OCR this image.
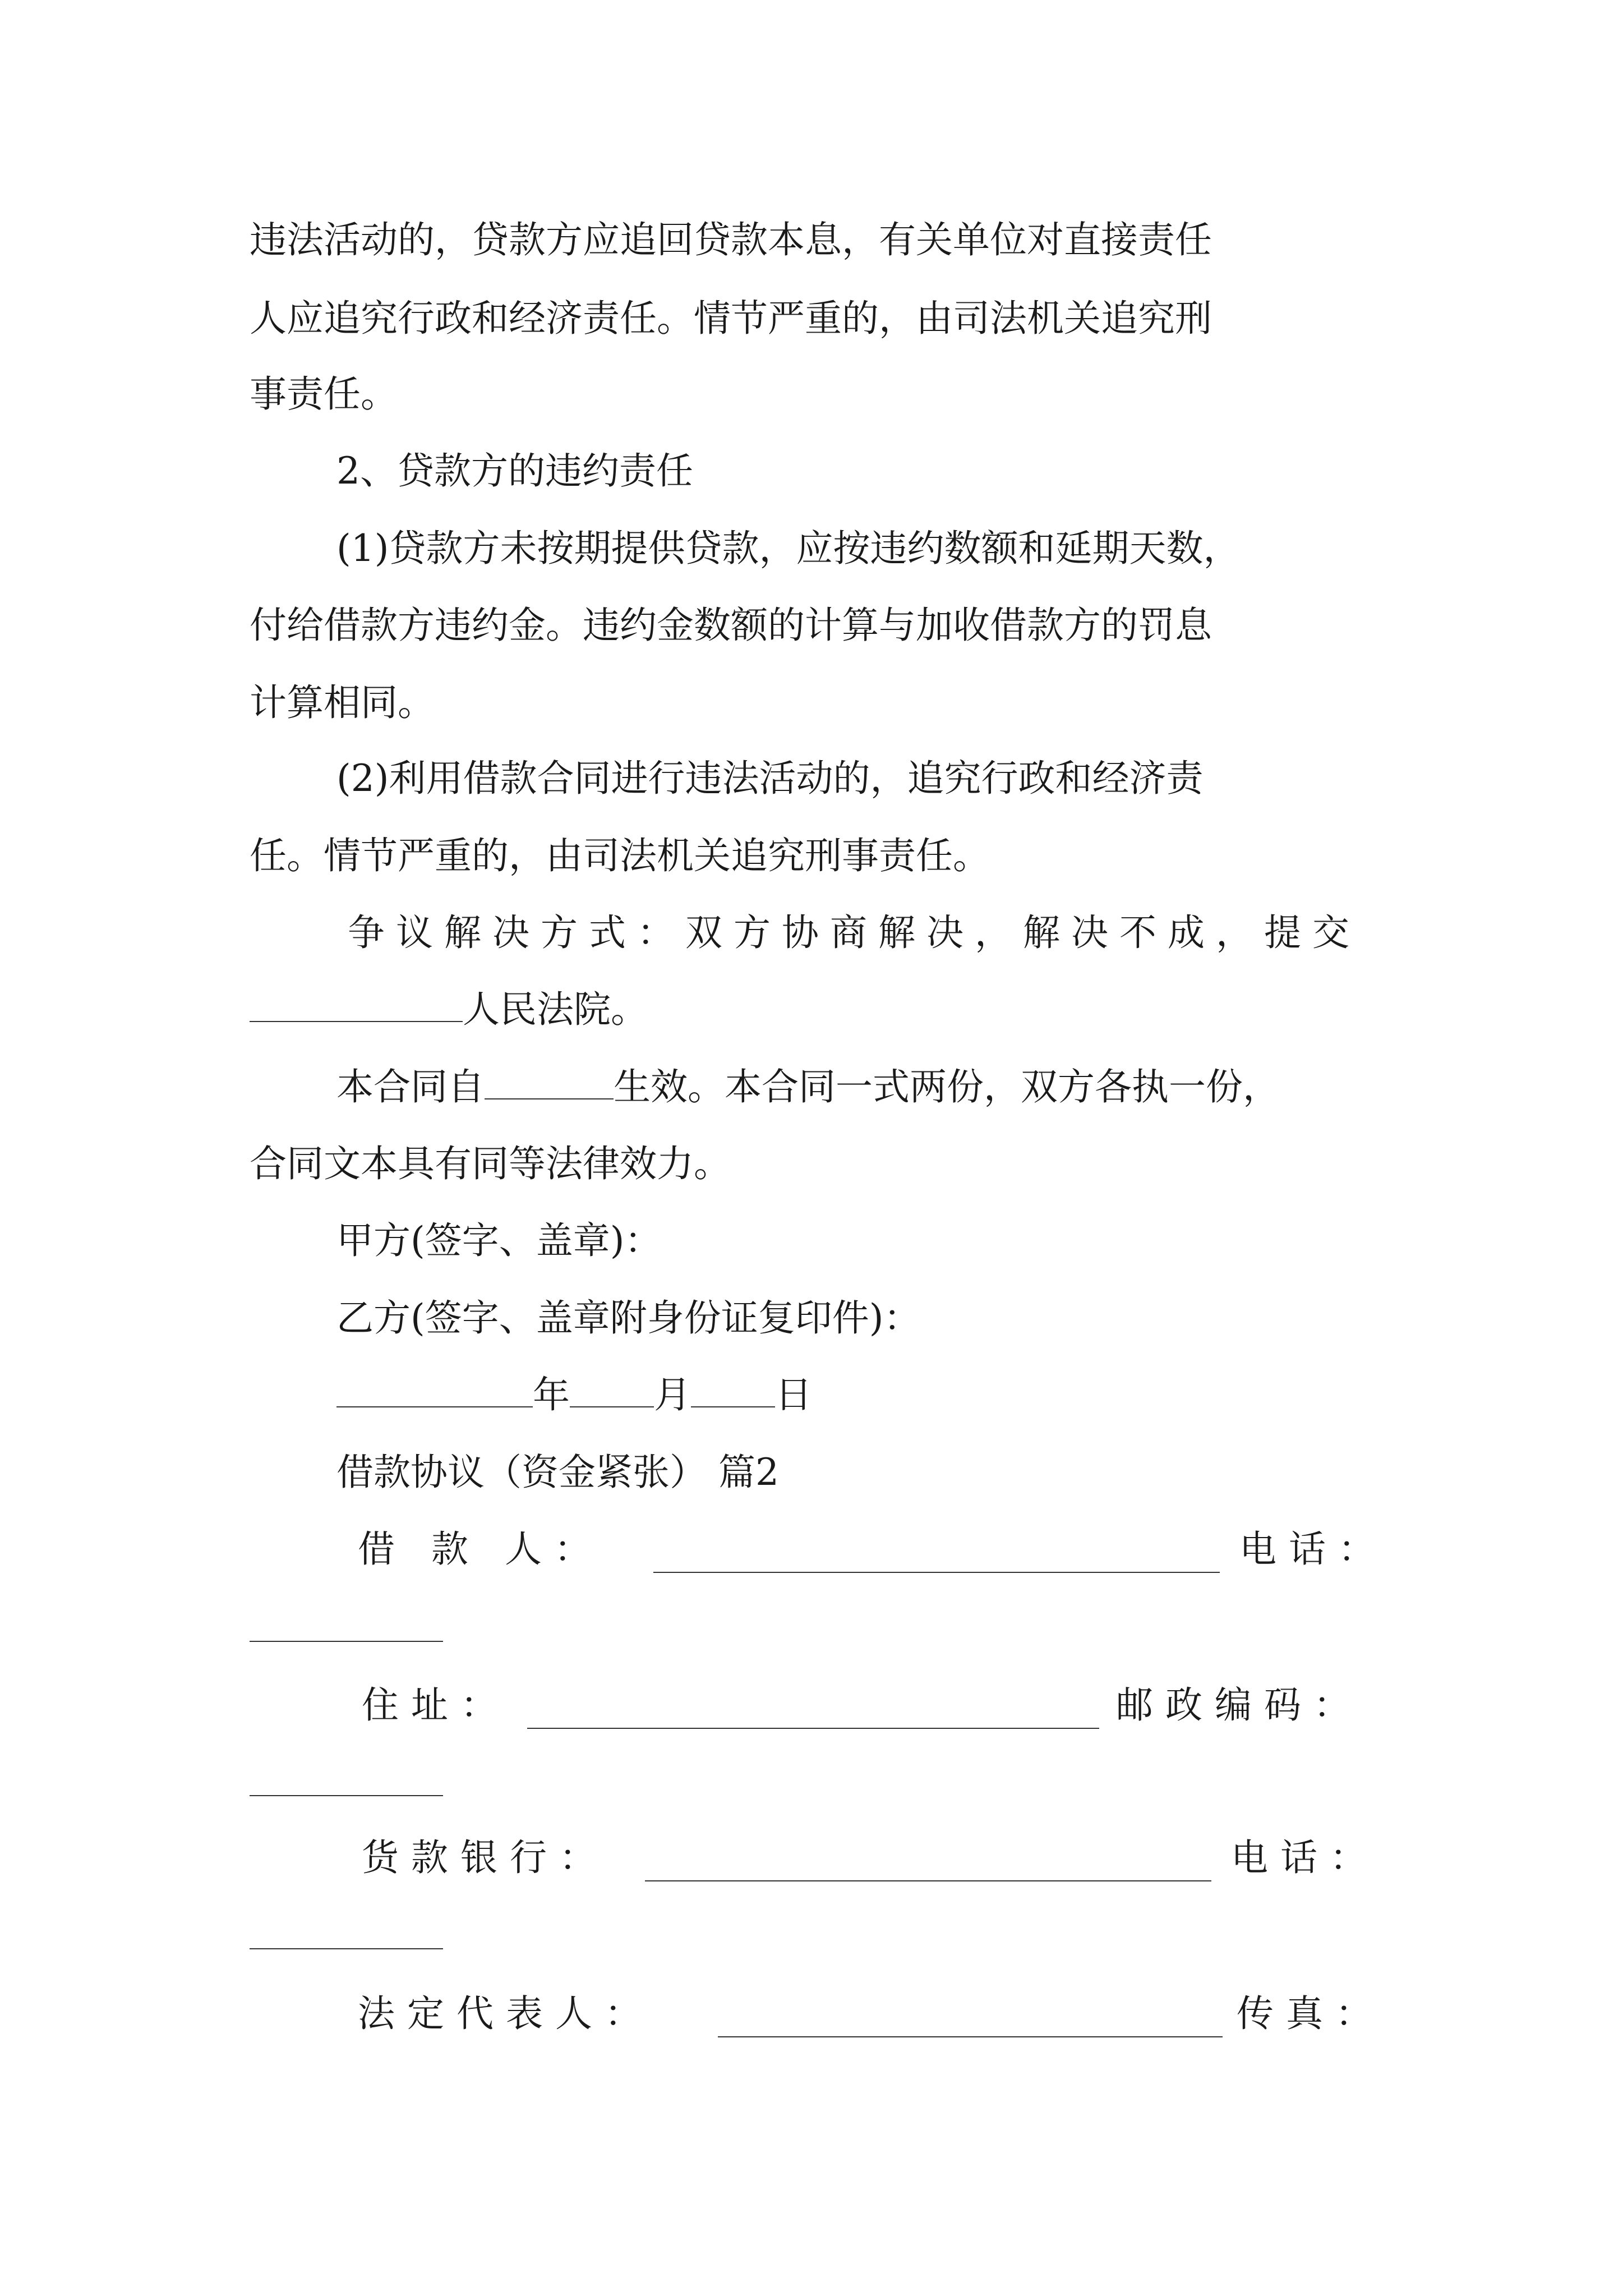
违法活动的，贷款方应追回贷款本息，有关单位对直接责任
人应追究行政和经济责任。情节严重的，由司法机关追究刑
事责任。
2、贷款方的违约责任
(1)贷款方未按期提供贷款，应按违约数额和延期天数，
付给借款方违约金。违约金数额的计算与加收借款方的罚息
计算相同。
(2)利用借款合同进行违法活动的，追究行政和经济责
任。情节严重的，由司法机关追究刑事责任。
争议解决方式：双方协商解决，解决不成，提交
人民法院。
本合同自	生效。本合同一式两份，双方各执一份，
合同文本具有同等法律效力。
甲方(签字、盖章)：
乙方(签字、盖章附身份证复印件)：
年 月 日
借款协议（资金紧张） 篇2
借 款 人：	电话：
住址：	邮政编码：
货款银行：	电话：
法定代表人：	传真：
